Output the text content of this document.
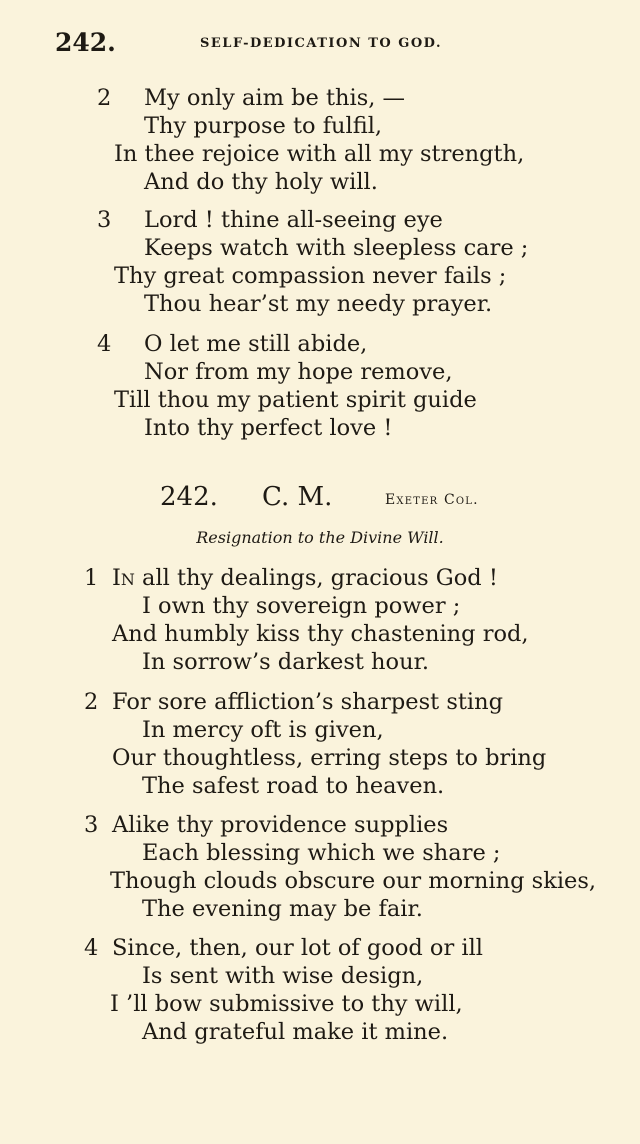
242.	SELF-DEDICATION TO GOD.
2 My only aim be this, —
Thy purpose to fulfil,
In thee rejoice with all my strength,
And do thy holy will.
3 Lord ! thine all-seeing eye
Keeps watch with sleepless care ;
Thy great compassion never fails ;
Thou hear’st my needy prayer.
4 O let me still abide,
Nor from my hope remove,
Till thou my patient spirit guide
Into thy perfect love !
242. C. M.	Exeter Col.
Resignation to the Divine Will.
1 In all thy dealings, gracious God !
I own thy sovereign power ;
And humbly kiss thy chastening rod,
In sorrow’s darkest hour.
2 For sore affliction’s sharpest sting
In mercy oft is given,
Our thoughtless, erring steps to bring
The safest road to heaven.
3 Alike thy providence supplies
Each blessing which we share ;
Though clouds obscure our morning skies,
The evening may be fair.
4 Since, then, our lot of good or ill
Is sent with wise design,
I ’ll bow submissive to thy will,
And grateful make it mine.
